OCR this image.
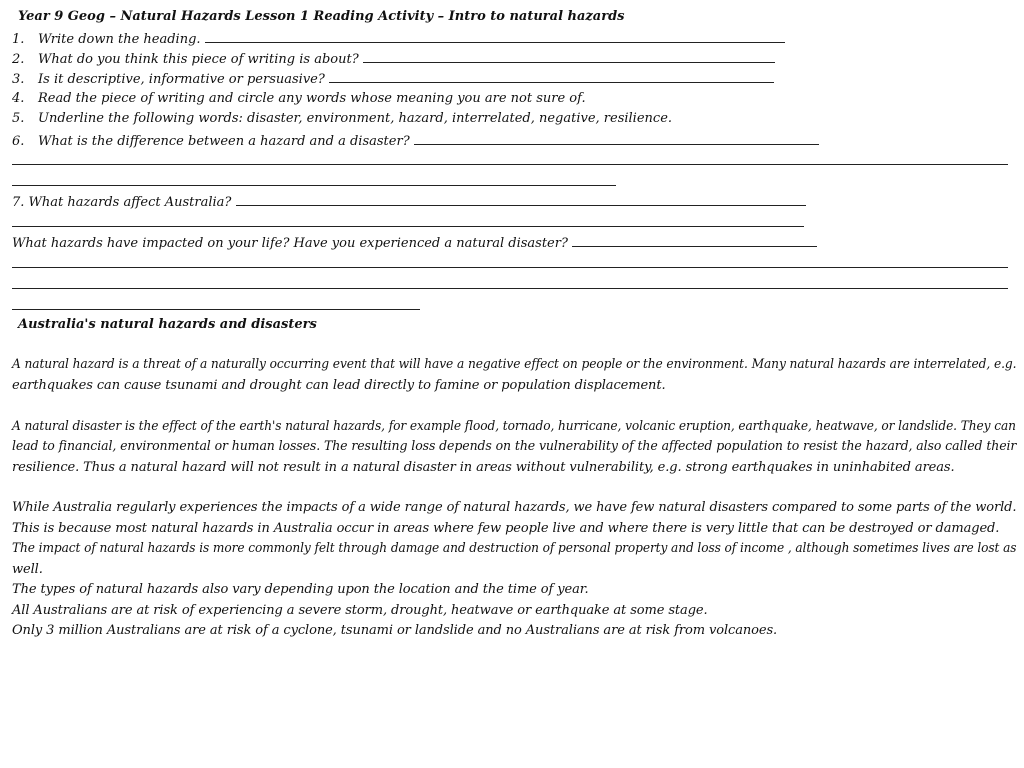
Year 9 Geog – Natural Hazards Lesson 1 Reading Activity – Intro to natural hazards
1. Write down the heading.
2. What do you think this piece of writing is about?
3. Is it descriptive, informative or persuasive?
4. Read the piece of writing and circle any words whose meaning you are not sure of.
5. Underline the following words: disaster, environment, hazard, interrelated, negative, resilience.
6. What is the difference between a hazard and a disaster?
7. What hazards affect Australia?
What hazards have impacted on your life? Have you experienced a natural disaster?
Australia's natural hazards and disasters
A natural hazard is a threat of a naturally occurring event that will have a negative effect on people or the environment. Many natural hazards are interrelated, e.g.
earthquakes can cause tsunami and drought can lead directly to famine or population displacement.
A natural disaster is the effect of the earth's natural hazards, for example flood, tornado, hurricane, volcanic eruption, earthquake, heatwave, or landslide. They can
lead to financial, environmental or human losses. The resulting loss depends on the vulnerability of the affected population to resist the hazard, also called their
resilience. Thus a natural hazard will not result in a natural disaster in areas without vulnerability, e.g. strong earthquakes in uninhabited areas.
While Australia regularly experiences the impacts of a wide range of natural hazards, we have few natural disasters compared to some parts of the world.
This is because most natural hazards in Australia occur in areas where few people live and where there is very little that can be destroyed or damaged.
The impact of natural hazards is more commonly felt through damage and destruction of personal property and loss of income , although sometimes lives are lost as
well.
The types of natural hazards also vary depending upon the location and the time of year.
All Australians are at risk of experiencing a severe storm, drought, heatwave or earthquake at some stage.
Only 3 million Australians are at risk of a cyclone, tsunami or landslide and no Australians are at risk from volcanoes.
